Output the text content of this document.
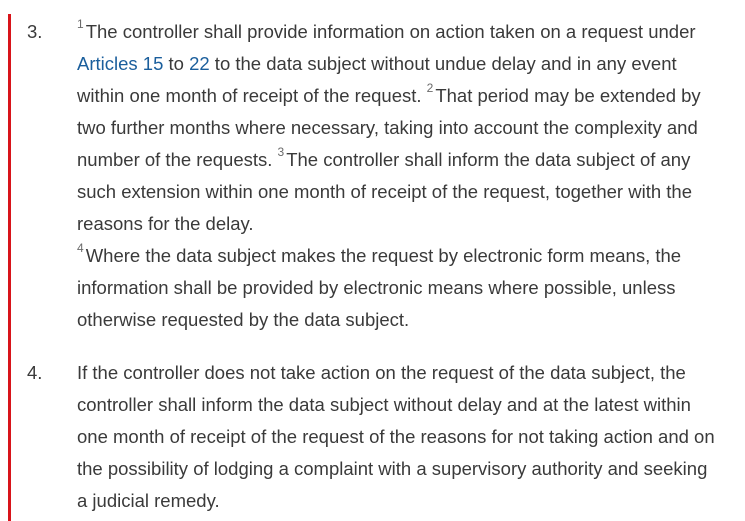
3.	$^1$ The controller shall provide information on action taken on a request under Articles 15 to 22 to the data subject without undue delay and in any event within one month of receipt of the request. $^2$ That period may be extended by two further months where necessary, taking into account the complexity and number of the requests. $^3$ The controller shall inform the data subject of any such extension within one month of receipt of the request, together with the reasons for the delay.
$^4$ Where the data subject makes the request by electronic form means, the information shall be provided by electronic means where possible, unless otherwise requested by the data subject.
4. If the controller does not take action on the request of the data subject, the controller shall inform the data subject without delay and at the latest within one month of receipt of the request of the reasons for not taking action and on the possibility of lodging a complaint with a supervisory authority and seeking a judicial remedy.
